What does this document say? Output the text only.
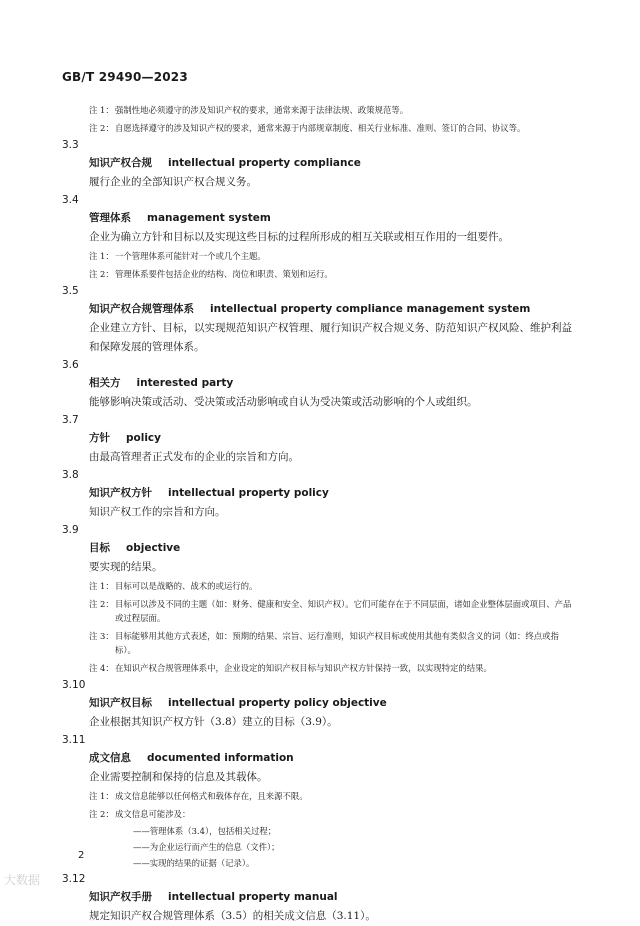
GB/T 29490—2023
注 1：强制性地必须遵守的涉及知识产权的要求，通常来源于法律法规、政策规范等。
注 2：自愿选择遵守的涉及知识产权的要求，通常来源于内部规章制度、相关行业标准、准则、签订的合同、协议等。
3.3
知识产权合规 intellectual property compliance
履行企业的全部知识产权合规义务。
3.4
管理体系 management system
企业为确立方针和目标以及实现这些目标的过程所形成的相互关联或相互作用的一组要件。
注 1：一个管理体系可能针对一个或几个主题。
注 2：管理体系要件包括企业的结构、岗位和职责、策划和运行。
3.5
知识产权合规管理体系 intellectual property compliance management system
企业建立方针、目标，以实现规范知识产权管理、履行知识产权合规义务、防范知识产权风险、维护利益和保障发展的管理体系。
3.6
相关方 interested party
能够影响决策或活动、受决策或活动影响或自认为受决策或活动影响的个人或组织。
3.7
方针 policy
由最高管理者正式发布的企业的宗旨和方向。
3.8
知识产权方针 intellectual property policy
知识产权工作的宗旨和方向。
3.9
目标 objective
要实现的结果。
注 1：目标可以是战略的、战术的或运行的。
注 2：目标可以涉及不同的主题（如：财务、健康和安全、知识产权）。它们可能存在于不同层面，诸如企业整体层面或项目、产品或过程层面。
注 3：目标能够用其他方式表述，如：预期的结果、宗旨、运行准则，知识产权目标或使用其他有类似含义的词（如：终点或指标）。
注 4：在知识产权合规管理体系中，企业设定的知识产权目标与知识产权方针保持一致，以实现特定的结果。
3.10
知识产权目标 intellectual property policy objective
企业根据其知识产权方针（3.8）建立的目标（3.9）。
3.11
成文信息 documented information
企业需要控制和保持的信息及其载体。
注 1：成文信息能够以任何格式和载体存在，且来源不限。
注 2：成文信息可能涉及：
——管理体系（3.4），包括相关过程；
——为企业运行而产生的信息（文件）；
——实现的结果的证据（记录）。
3.12
知识产权手册 intellectual property manual
规定知识产权合规管理体系（3.5）的相关成文信息（3.11）。
2
大数据
